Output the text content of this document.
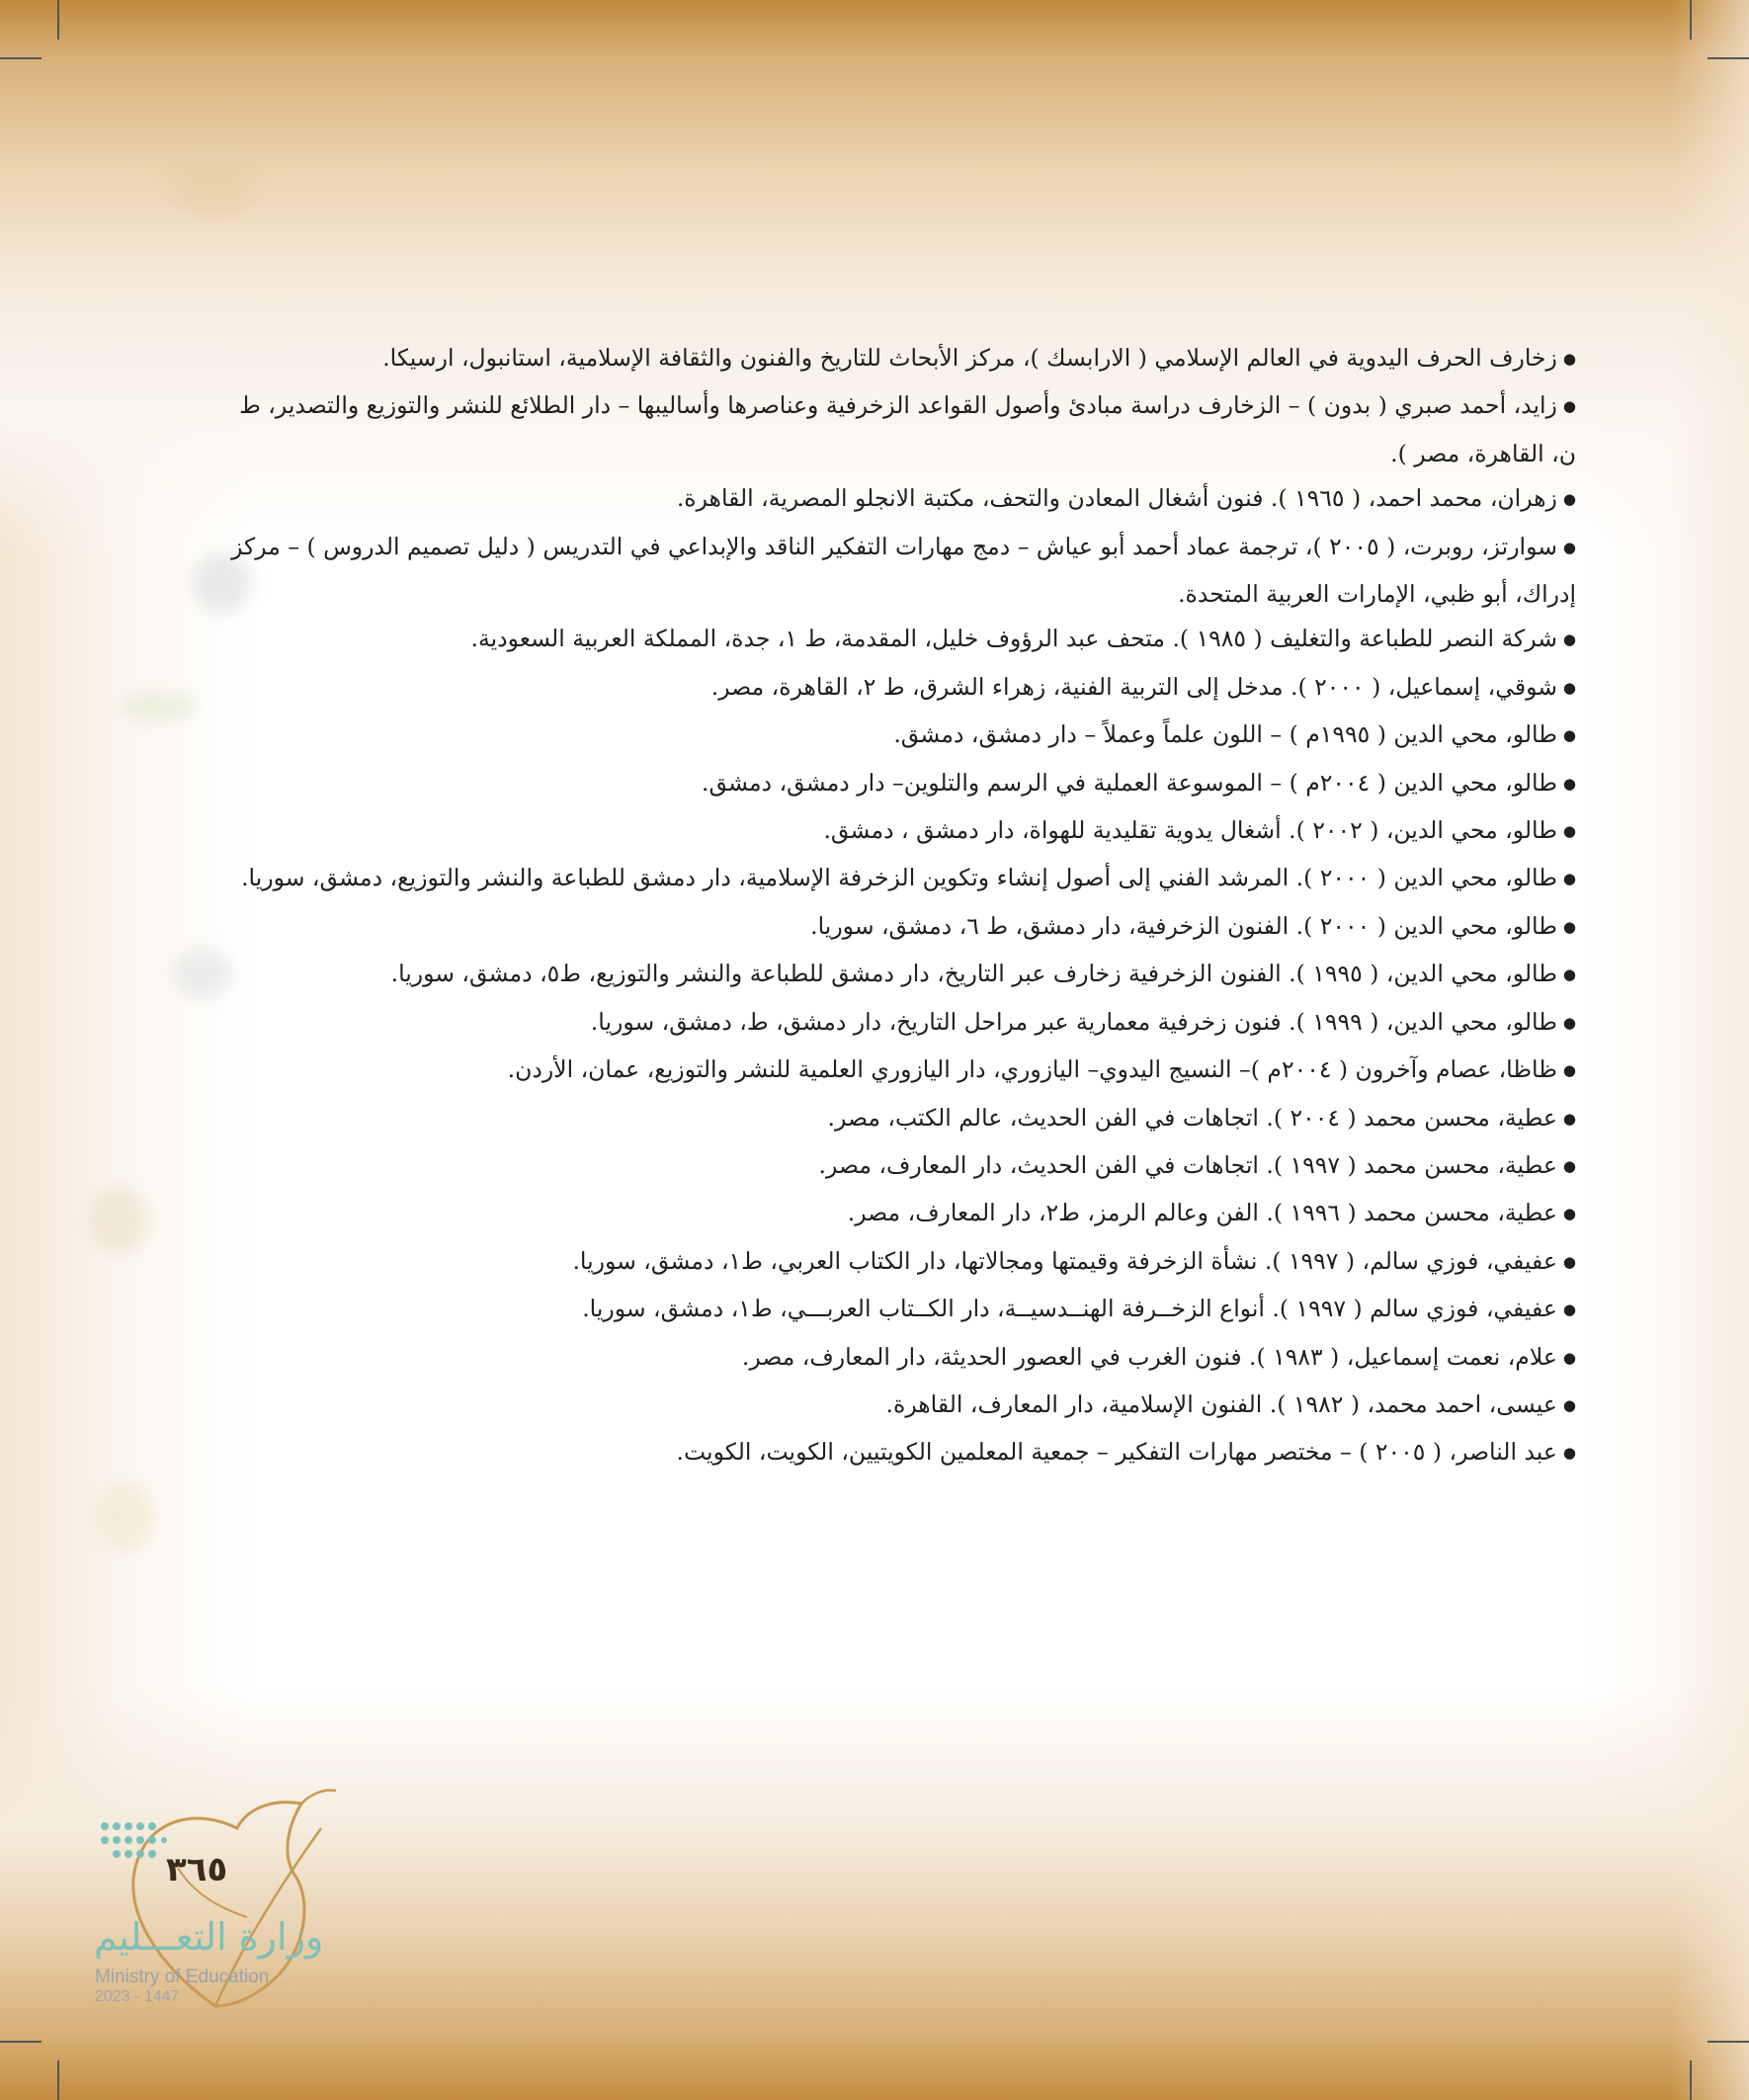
● زخارف الحرف اليدوية في العالم الإسلامي ( الارابسك )، مركز الأبحاث للتاريخ والفنون والثقافة الإسلامية، استانبول، ارسيكا.

● زايد، أحمد صبري ( بدون ) – الزخارف دراسة مبادئ وأصول القواعد الزخرفية وعناصرها وأساليبها – دار الطلائع للنشر والتوزيع والتصدير، ط ن، القاهرة، مصر ).

● زهران، محمد احمد، ( ١٩٦٥ ). فنون أشغال المعادن والتحف، مكتبة الانجلو المصرية، القاهرة.

● سوارتز، روبرت، ( ٢٠٠٥ )، ترجمة عماد أحمد أبو عياش – دمج مهارات التفكير الناقد والإبداعي في التدريس ( دليل تصميم الدروس ) – مركز إدراك، أبو ظبي، الإمارات العربية المتحدة.

● شركة النصر للطباعة والتغليف ( ١٩٨٥ ). متحف عبد الرؤوف خليل، المقدمة، ط ١، جدة، المملكة العربية السعودية.

● شوقي، إسماعيل، ( ٢٠٠٠ ). مدخل إلى التربية الفنية، زهراء الشرق، ط ٢، القاهرة، مصر.

● طالو، محي الدين ( ١٩٩٥م ) – اللون علماً وعملاً – دار دمشق، دمشق.

● طالو، محي الدين ( ٢٠٠٤م ) – الموسوعة العملية في الرسم والتلوين– دار دمشق، دمشق.

● طالو، محي الدين، ( ٢٠٠٢ ). أشغال يدوية تقليدية للهواة، دار دمشق ، دمشق.

● طالو، محي الدين ( ٢٠٠٠ ). المرشد الفني إلى أصول إنشاء وتكوين الزخرفة الإسلامية، دار دمشق للطباعة والنشر والتوزيع، دمشق، سوريا.

● طالو، محي الدين ( ٢٠٠٠ ). الفنون الزخرفية، دار دمشق، ط ٦، دمشق، سوريا.

● طالو، محي الدين، ( ١٩٩٥ ). الفنون الزخرفية زخارف عبر التاريخ، دار دمشق للطباعة والنشر والتوزيع، ط٥، دمشق، سوريا.

● طالو، محي الدين، ( ١٩٩٩ ). فنون زخرفية معمارية عبر مراحل التاريخ، دار دمشق، ط، دمشق، سوريا.

● ظاظا، عصام وآخرون ( ٢٠٠٤م )– النسيج اليدوي– اليازوري، دار اليازوري العلمية للنشر والتوزيع، عمان، الأردن.

● عطية، محسن محمد ( ٢٠٠٤ ). اتجاهات في الفن الحديث، عالم الكتب، مصر.

● عطية، محسن محمد ( ١٩٩٧ ). اتجاهات في الفن الحديث، دار المعارف، مصر.

● عطية، محسن محمد ( ١٩٩٦ ). الفن وعالم الرمز، ط٢، دار المعارف، مصر.

● عفيفي، فوزي سالم، ( ١٩٩٧ ). نشأة الزخرفة وقيمتها ومجالاتها، دار الكتاب العربي، ط١، دمشق، سوريا.

● عفيفي، فوزي سالم ( ١٩٩٧ ). أنواع الزخــرفة الهنــدسيــة، دار الكــتاب العربـــي، ط١، دمشق، سوريا.

● علام، نعمت إسماعيل، ( ١٩٨٣ ). فنون الغرب في العصور الحديثة، دار المعارف، مصر.

● عيسى، احمد محمد، ( ١٩٨٢ ). الفنون الإسلامية، دار المعارف، القاهرة.

● عبد الناصر، ( ٢٠٠٥ ) – مختصر مهارات التفكير – جمعية المعلمين الكويتيين، الكويت، الكويت.

٣٦٥
وزارة التعـــليم
Ministry of Education
2023 - 1447
